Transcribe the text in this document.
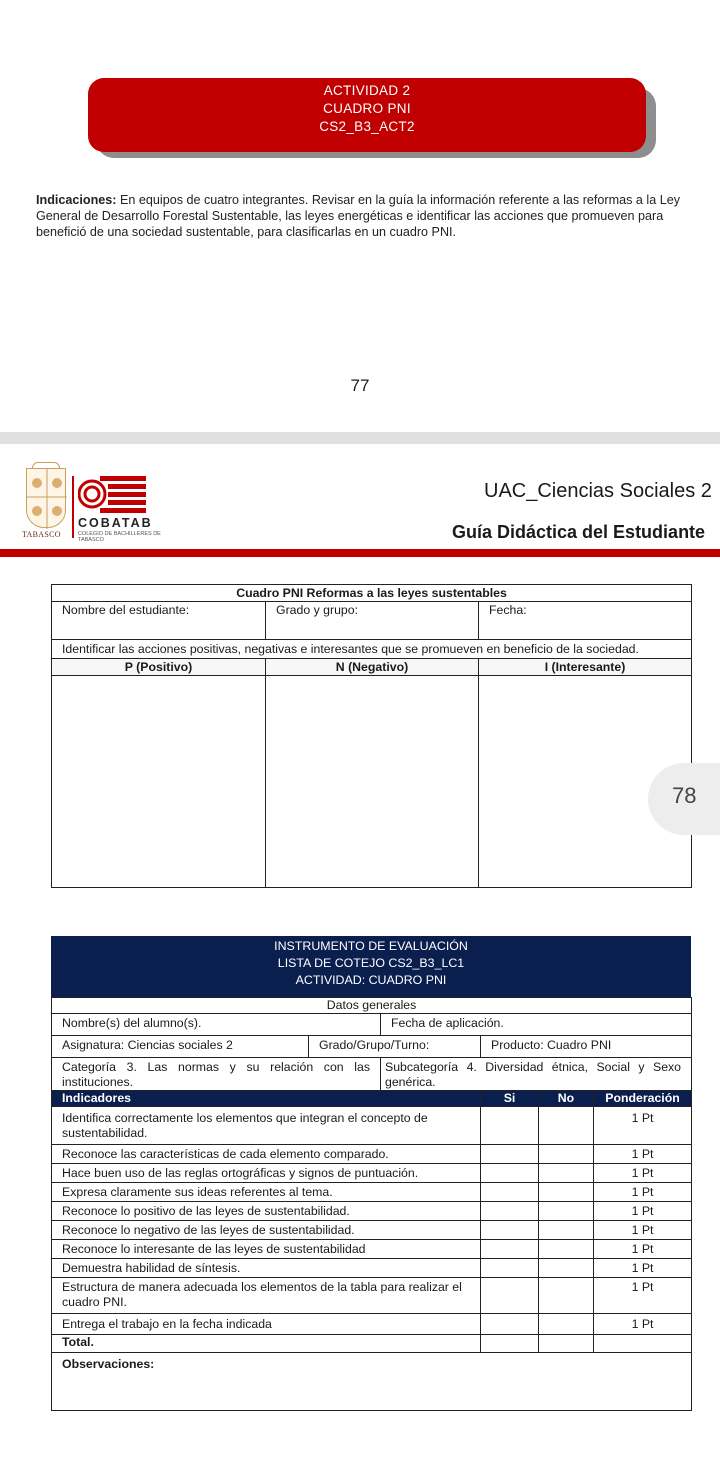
ACTIVIDAD 2
CUADRO PNI
CS2_B3_ACT2

Indicaciones: En equipos de cuatro integrantes. Revisar en la guía la información referente a las reformas a la Ley General de Desarrollo Forestal Sustentable, las leyes energéticas e identificar las acciones que promueven para benefició de una sociedad sustentable, para clasificarlas en un cuadro PNI.

77
TABASCO
COBATAB
COLEGIO DE BACHILLERES DE TABASCO
UAC_Ciencias Sociales 2
Guía Didáctica del Estudiante
Cuadro PNI Reformas a las leyes sustentables		
Nombre del estudiante:	Grado y grupo:	Fecha:
Identificar las acciones positivas, negativas e interesantes que se promueven en beneficio de la sociedad.		
P (Positivo)	N (Negativo)	I (Interesante)

78
INSTRUMENTO DE EVALUACIÓN
LISTA DE COTEJO CS2_B3_LC1
ACTIVIDAD: CUADRO PNI
Datos generales					
Nombre(s) del alumno(s).		Fecha de aplicación.			
Asignatura: Ciencias sociales 2	Grado/Grupo/Turno:		Producto: Cuadro PNI		
Categoría 3. Las normas y su relación con las instituciones.		Subcategoría 4. Diversidad étnica, Social y Sexo genérica.			
Indicadores			Si	No	Ponderación
Identifica correctamente los elementos que integran el concepto de sustentabilidad.					1 Pt
Reconoce las características de cada elemento comparado.					1 Pt
Hace buen uso de las reglas ortográficas y signos de puntuación.					1 Pt
Expresa claramente sus ideas referentes al tema.					1 Pt
Reconoce lo positivo de las leyes de sustentabilidad.					1 Pt
Reconoce lo negativo de las leyes de sustentabilidad.					1 Pt
Reconoce lo interesante de las leyes de sustentabilidad					1 Pt
Demuestra habilidad de síntesis.					1 Pt
Estructura de manera adecuada los elementos de la tabla para realizar el cuadro PNI.					1 Pt
Entrega el trabajo en la fecha indicada					1 Pt
Total.					
Observaciones:					
